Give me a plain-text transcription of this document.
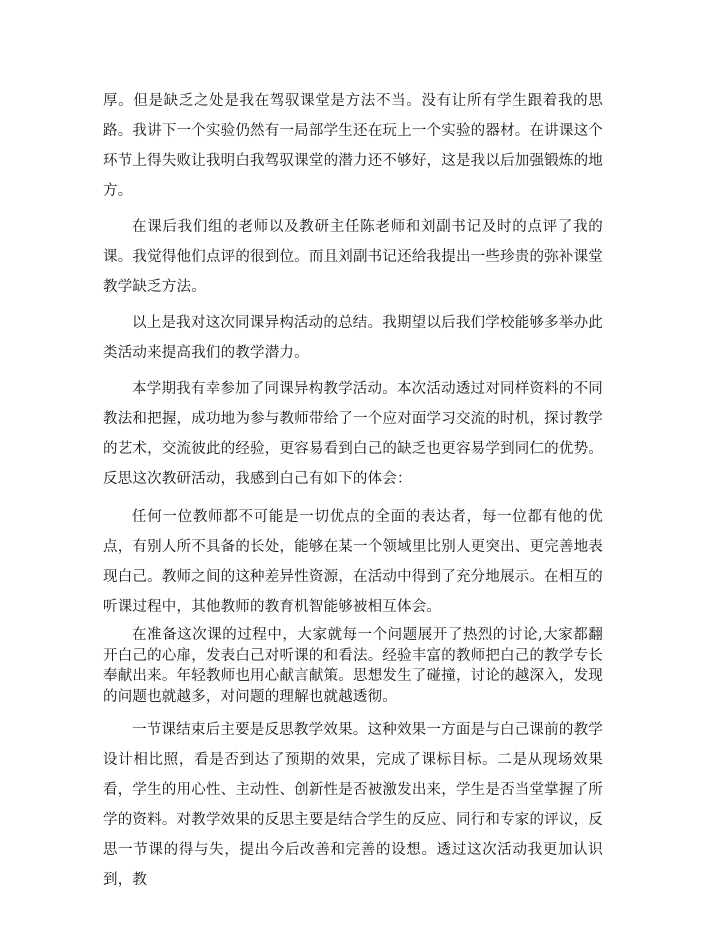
厚。但是缺乏之处是我在驾驭课堂是方法不当。没有让所有学生跟着我的思路。我讲下一个实验仍然有一局部学生还在玩上一个实验的器材。在讲课这个环节上得失败让我明白我驾驭课堂的潜力还不够好，这是我以后加强锻炼的地方。

在课后我们组的老师以及教研主任陈老师和刘副书记及时的点评了我的课。我觉得他们点评的很到位。而且刘副书记还给我提出一些珍贵的弥补课堂教学缺乏方法。

以上是我对这次同课异构活动的总结。我期望以后我们学校能够多举办此类活动来提高我们的教学潜力。

本学期我有幸参加了同课异构教学活动。本次活动透过对同样资料的不同教法和把握，成功地为参与教师带给了一个应对面学习交流的时机，探讨教学的艺术，交流彼此的经验，更容易看到白己的缺乏也更容易学到同仁的优势。反思这次教研活动，我感到白己有如下的体会：

任何一位教师都不可能是一切优点的全面的表达者，每一位都有他的优点，有别人所不具备的长处，能够在某一个领域里比别人更突出、更完善地表现白己。教师之间的这种差异性资源，在活动中得到了充分地展示。在相互的听课过程中，其他教师的教育机智能够被相互体会。

在准备这次课的过程中，大家就每一个问题展开了热烈的讨论,大家都翻开白己的心扉，发表白己对听课的和看法。经验丰富的教师把白己的教学专长奉献出来。年轻教师也用心献言献策。思想发生了碰撞，讨论的越深入，发现的问题也就越多，对问题的理解也就越透彻。

一节课结束后主要是反思教学效果。这种效果一方面是与白己课前的教学设计相比照，看是否到达了预期的效果，完成了课标目标。二是从现场效果看，学生的用心性、主动性、创新性是否被激发出来，学生是否当堂掌握了所学的资料。对教学效果的反思主要是结合学生的反应、同行和专家的评议，反思一节课的得与失，提出今后改善和完善的设想。透过这次活动我更加认识到，教
